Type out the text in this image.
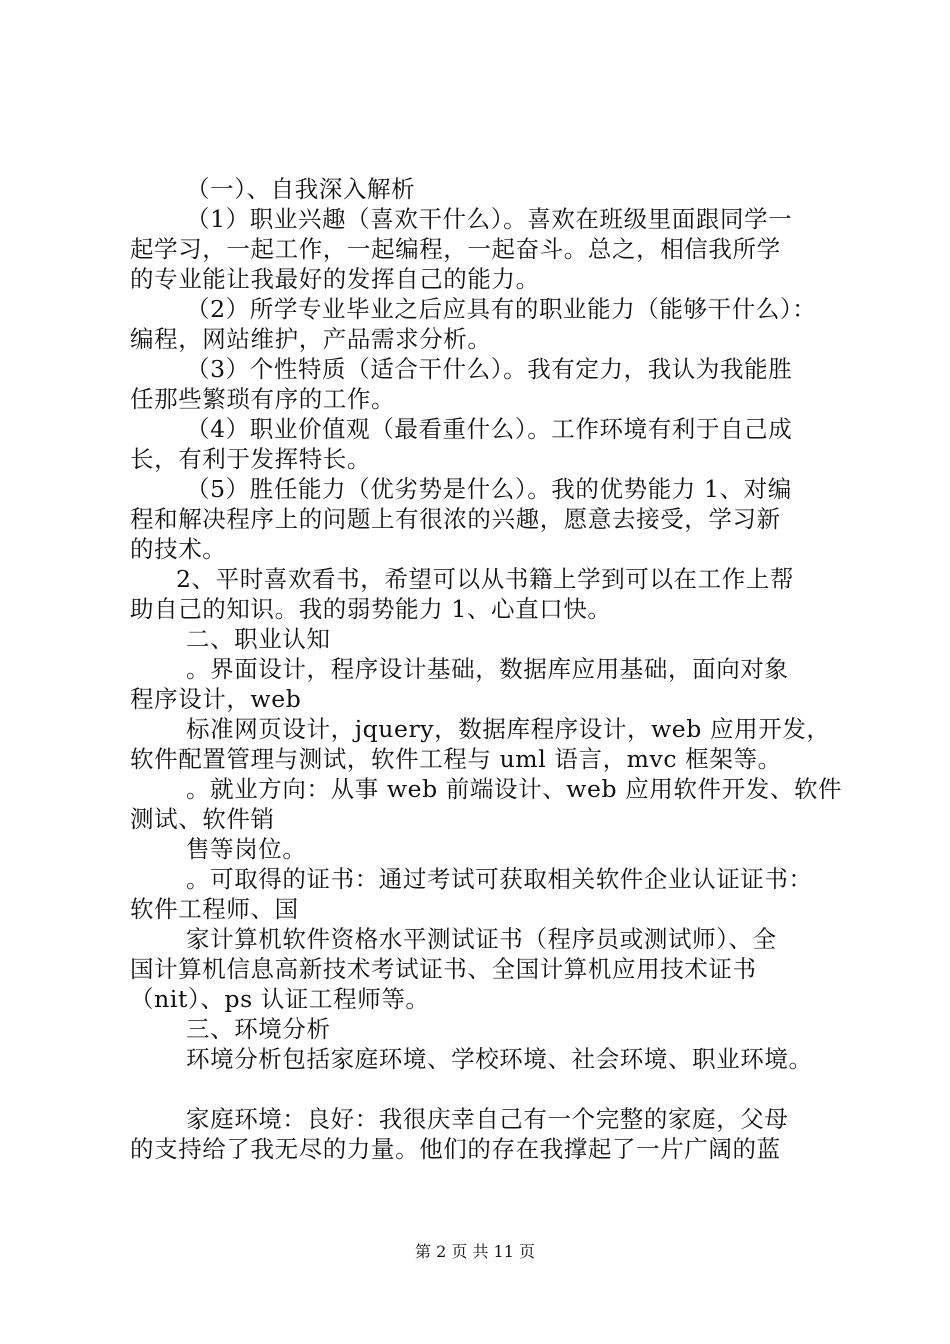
（一）、自我深入解析
（1）职业兴趣（喜欢干什么）。喜欢在班级里面跟同学一
起学习，一起工作，一起编程，一起奋斗。总之，相信我所学
的专业能让我最好的发挥自己的能力。
（2）所学专业毕业之后应具有的职业能力（能够干什么）：
编程，网站维护，产品需求分析。
（3）个性特质（适合干什么）。我有定力，我认为我能胜
任那些繁琐有序的工作。
（4）职业价值观（最看重什么）。工作环境有利于自己成
长，有利于发挥特长。
（5）胜任能力（优劣势是什么）。我的优势能力 1、对编
程和解决程序上的问题上有很浓的兴趣，愿意去接受，学习新
的技术。
2、平时喜欢看书，希望可以从书籍上学到可以在工作上帮
助自己的知识。我的弱势能力 1、心直口快。
二、职业认知
。界面设计，程序设计基础，数据库应用基础，面向对象
程序设计，web
标准网页设计，jquery，数据库程序设计，web 应用开发，
软件配置管理与测试，软件工程与 uml 语言，mvc 框架等。
。就业方向：从事 web 前端设计、web 应用软件开发、软件
测试、软件销
售等岗位。
。可取得的证书：通过考试可获取相关软件企业认证证书：
软件工程师、国
家计算机软件资格水平测试证书（程序员或测试师）、全
国计算机信息高新技术考试证书、全国计算机应用技术证书
（nit）、ps 认证工程师等。
三、环境分析
环境分析包括家庭环境、学校环境、社会环境、职业环境。
家庭环境：良好：我很庆幸自己有一个完整的家庭，父母
的支持给了我无尽的力量。他们的存在我撑起了一片广阔的蓝
第 2 页 共 11 页
